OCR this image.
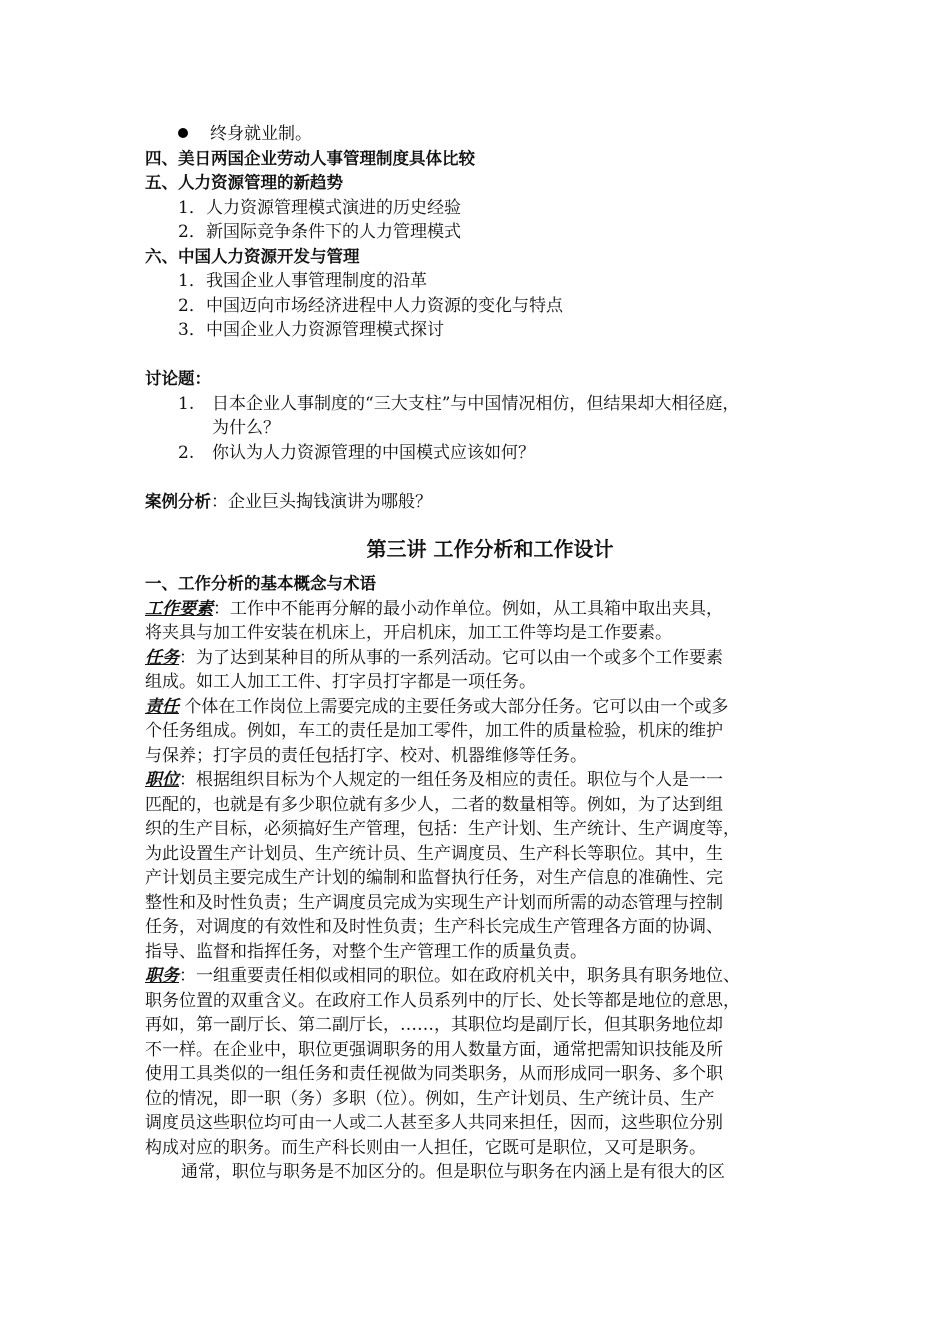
终身就业制。
四、美日两国企业劳动人事管理制度具体比较
五、人力资源管理的新趋势
1．人力资源管理模式演进的历史经验
2．新国际竞争条件下的人力管理模式
六、中国人力资源开发与管理
1．我国企业人事管理制度的沿革
2．中国迈向市场经济进程中人力资源的变化与特点
3．中国企业人力资源管理模式探讨
讨论题：
1. 日本企业人事制度的“三大支柱”与中国情况相仿，但结果却大相径庭，
为什么？
2. 你认为人力资源管理的中国模式应该如何？
案例分析：企业巨头掏钱演讲为哪般？
第三讲 工作分析和工作设计
一、工作分析的基本概念与术语
工作要素：工作中不能再分解的最小动作单位。例如，从工具箱中取出夹具，
将夹具与加工件安装在机床上，开启机床，加工工件等均是工作要素。
任务：为了达到某种目的所从事的一系列活动。它可以由一个或多个工作要素
组成。如工人加工工件、打字员打字都是一项任务。
责任 个体在工作岗位上需要完成的主要任务或大部分任务。它可以由一个或多
个任务组成。例如，车工的责任是加工零件，加工件的质量检验，机床的维护
与保养；打字员的责任包括打字、校对、机器维修等任务。
职位：根据组织目标为个人规定的一组任务及相应的责任。职位与个人是一一
匹配的，也就是有多少职位就有多少人，二者的数量相等。例如，为了达到组
织的生产目标，必须搞好生产管理，包括：生产计划、生产统计、生产调度等，
为此设置生产计划员、生产统计员、生产调度员、生产科长等职位。其中，生
产计划员主要完成生产计划的编制和监督执行任务，对生产信息的准确性、完
整性和及时性负责；生产调度员完成为实现生产计划而所需的动态管理与控制
任务，对调度的有效性和及时性负责；生产科长完成生产管理各方面的协调、
指导、监督和指挥任务，对整个生产管理工作的质量负责。
职务：一组重要责任相似或相同的职位。如在政府机关中，职务具有职务地位、
职务位置的双重含义。在政府工作人员系列中的厅长、处长等都是地位的意思，
再如，第一副厅长、第二副厅长，……，其职位均是副厅长，但其职务地位却
不一样。在企业中，职位更强调职务的用人数量方面，通常把需知识技能及所
使用工具类似的一组任务和责任视做为同类职务，从而形成同一职务、多个职
位的情况，即一职（务）多职（位）。例如，生产计划员、生产统计员、生产
调度员这些职位均可由一人或二人甚至多人共同来担任，因而，这些职位分别
构成对应的职务。而生产科长则由一人担任，它既可是职位，又可是职务。
通常，职位与职务是不加区分的。但是职位与职务在内涵上是有很大的区
